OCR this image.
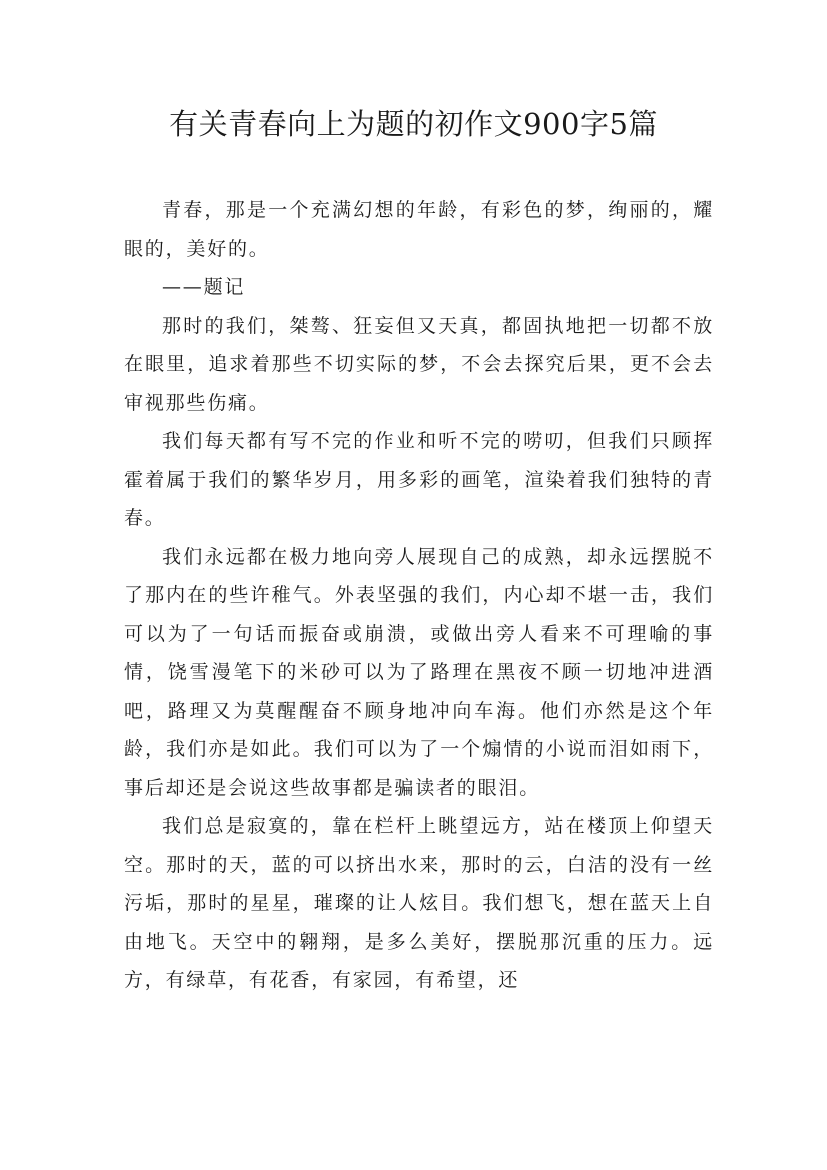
有关青春向上为题的初作文900字5篇

青春，那是一个充满幻想的年龄，有彩色的梦，绚丽的，耀眼的，美好的。

——题记

那时的我们，桀骜、狂妄但又天真，都固执地把一切都不放在眼里，追求着那些不切实际的梦，不会去探究后果，更不会去审视那些伤痛。

我们每天都有写不完的作业和听不完的唠叨，但我们只顾挥霍着属于我们的繁华岁月，用多彩的画笔，渲染着我们独特的青春。

我们永远都在极力地向旁人展现自己的成熟，却永远摆脱不了那内在的些许稚气。外表坚强的我们，内心却不堪一击，我们可以为了一句话而振奋或崩溃，或做出旁人看来不可理喻的事情，饶雪漫笔下的米砂可以为了路理在黑夜不顾一切地冲进酒吧，路理又为莫醒醒奋不顾身地冲向车海。他们亦然是这个年龄，我们亦是如此。我们可以为了一个煽情的小说而泪如雨下，事后却还是会说这些故事都是骗读者的眼泪。

我们总是寂寞的，靠在栏杆上眺望远方，站在楼顶上仰望天空。那时的天，蓝的可以挤出水来，那时的云，白洁的没有一丝污垢，那时的星星，璀璨的让人炫目。我们想飞，想在蓝天上自由地飞。天空中的翱翔，是多么美好，摆脱那沉重的压力。远方，有绿草，有花香，有家园，有希望，还
